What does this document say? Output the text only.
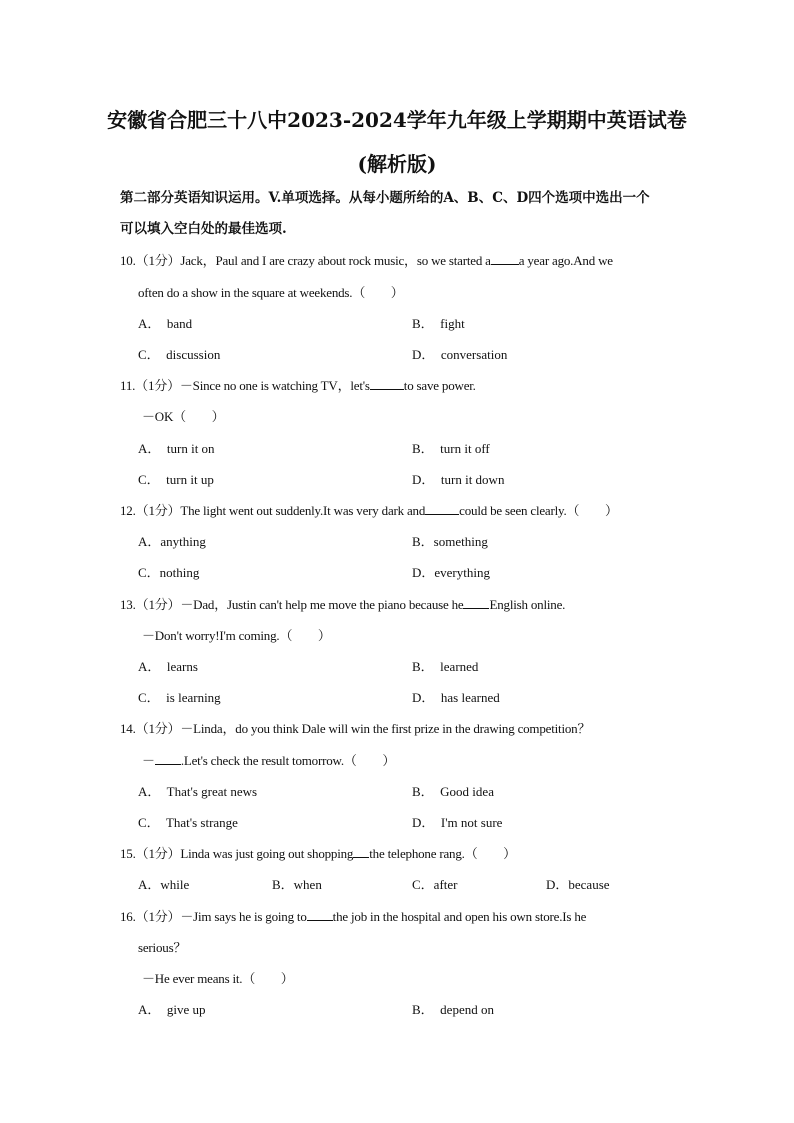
安徽省合肥三十八中2023-2024学年九年级上学期期中英语试卷
(解析版)
第二部分英语知识运用。V.单项选择。从每小题所给的A、B、C、D四个选项中选出一个
可以填入空白处的最佳选项.
10.（1分）Jack，Paul and I are crazy about rock music，so we started a a year ago.And we
often do a show in the square at weekends.（　　）
A． band	B． fight
C． discussion	D． conversation
11.（1分）－Since no one is watching TV，let's	to save power.
－OK（　　）
A． turn it on	B． turn it off
C． turn it up	D． turn it down
12.（1分）The light went out suddenly.It was very dark and	could be seen clearly.（　　）
A．anything	B．something
C．nothing	D．everything
13.（1分）－Dad，Justin can't help me move the piano because he English online.
－Don't worry!I'm coming.（　　）
A． learns	B． learned
C． is learning	D． has learned
14.（1分）－Linda，do you think Dale will win the first prize in the drawing competition？
－ .Let's check the result tomorrow.（　　）
A． That's great news	B． Good idea
C． That's strange	D． I'm not sure
15.（1分）Linda was just going out shopping the telephone rang.（　　）
A．while	B．when	C．after	D．because
16.（1分）－Jim says he is going to the job in the hospital and open his own store.Is he
serious？
－He ever means it.（　　）
A． give up	B． depend on
